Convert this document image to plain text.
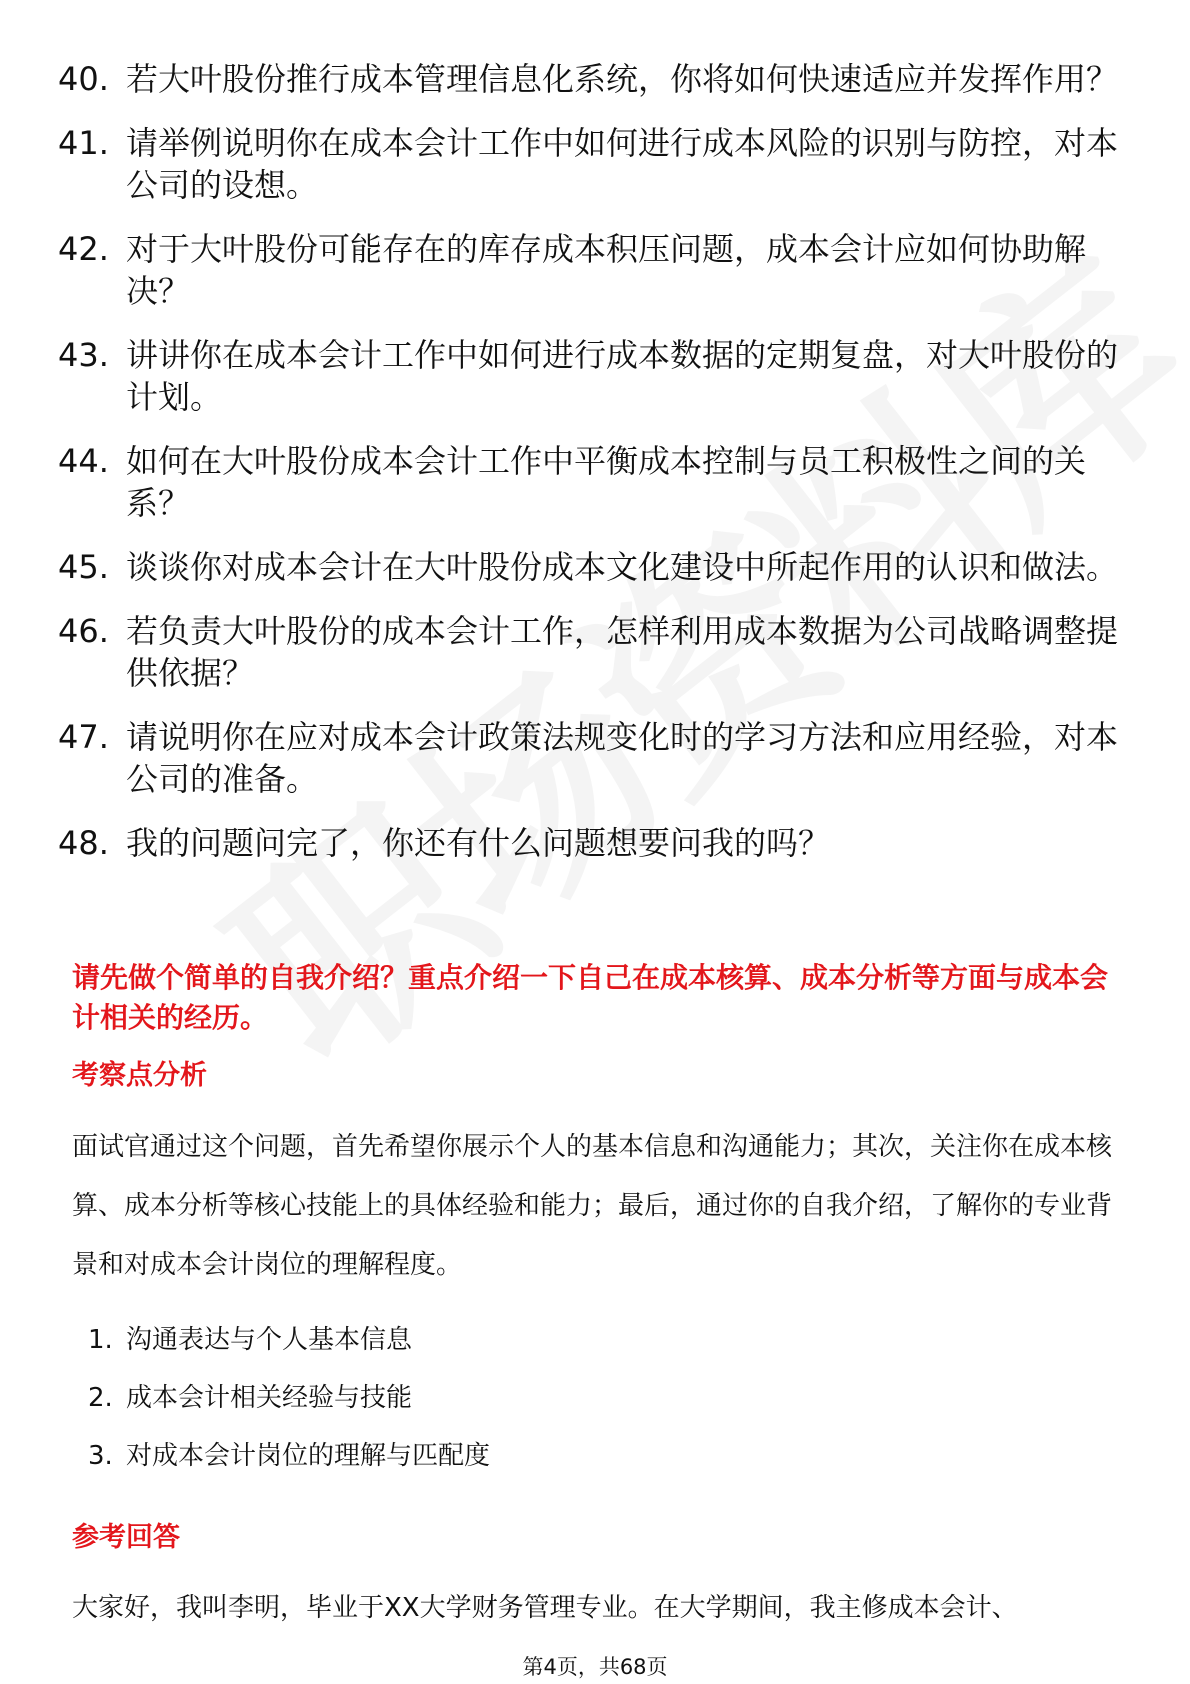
40. 若大叶股份推行成本管理信息化系统，你将如何快速适应并发挥作用？
41. 请举例说明你在成本会计工作中如何进行成本风险的识别与防控，对本公司的设想。
42. 对于大叶股份可能存在的库存成本积压问题，成本会计应如何协助解决？
43. 讲讲你在成本会计工作中如何进行成本数据的定期复盘，对大叶股份的计划。
44. 如何在大叶股份成本会计工作中平衡成本控制与员工积极性之间的关系？
45. 谈谈你对成本会计在大叶股份成本文化建设中所起作用的认识和做法。
46. 若负责大叶股份的成本会计工作，怎样利用成本数据为公司战略调整提供依据？
47. 请说明你在应对成本会计政策法规变化时的学习方法和应用经验，对本公司的准备。
48. 我的问题问完了，你还有什么问题想要问我的吗？
请先做个简单的自我介绍？重点介绍一下自己在成本核算、成本分析等方面与成本会计相关的经历。
考察点分析
面试官通过这个问题，首先希望你展示个人的基本信息和沟通能力；其次，关注你在成本核算、成本分析等核心技能上的具体经验和能力；最后，通过你的自我介绍，了解你的专业背景和对成本会计岗位的理解程度。
1. 沟通表达与个人基本信息
2. 成本会计相关经验与技能
3. 对成本会计岗位的理解与匹配度
参考回答
大家好，我叫李明，毕业于XX大学财务管理专业。在大学期间，我主修成本会计、
第4页，共68页
